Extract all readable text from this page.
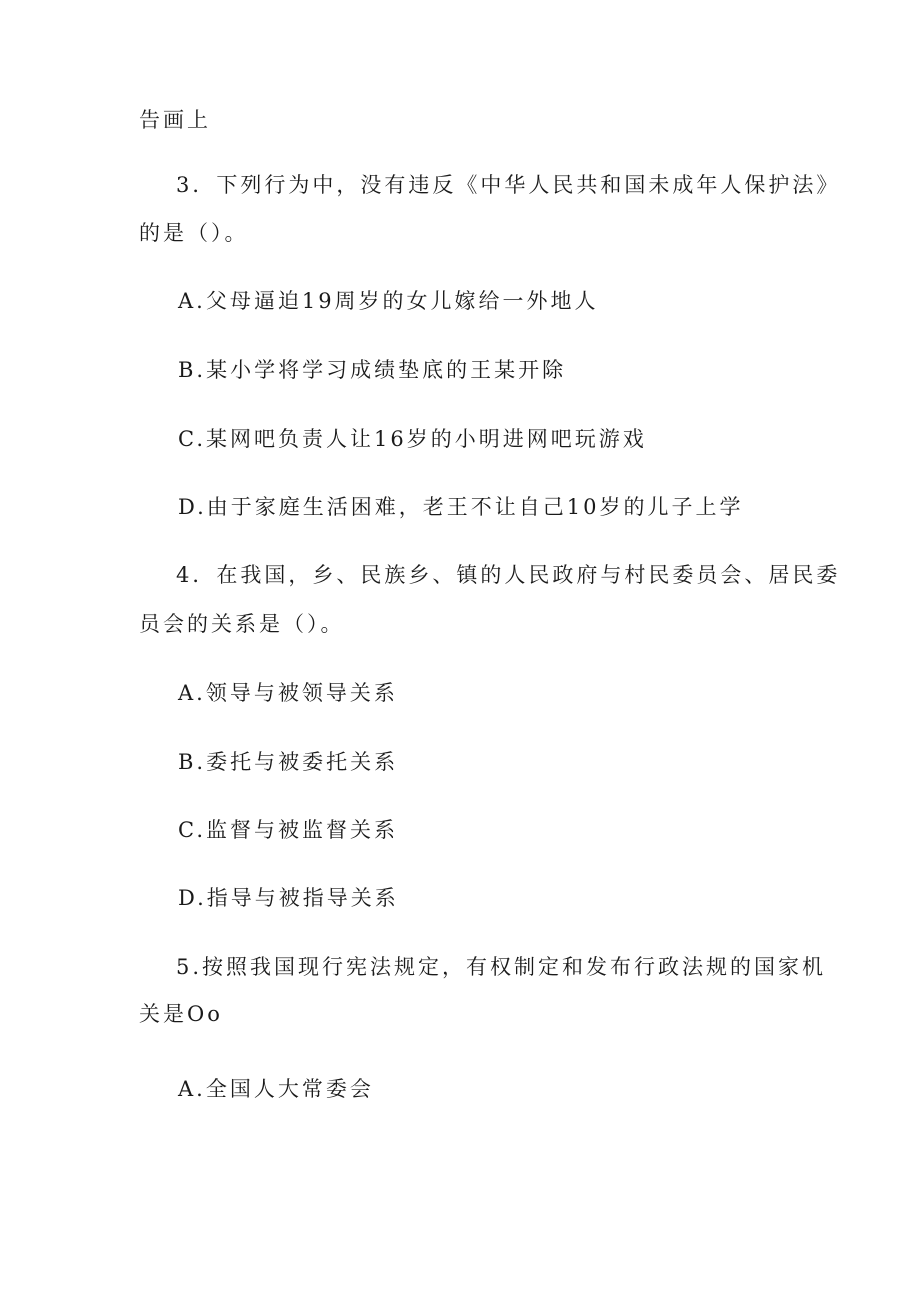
告画上
3．下列行为中，没有违反《中华人民共和国未成年人保护法》
的是（）。
A.父母逼迫19周岁的女儿嫁给一外地人
B.某小学将学习成绩垫底的王某开除
C.某网吧负责人让16岁的小明进网吧玩游戏
D.由于家庭生活困难，老王不让自己10岁的儿子上学
4．在我国，乡、民族乡、镇的人民政府与村民委员会、居民委
员会的关系是（）。
A.领导与被领导关系
B.委托与被委托关系
C.监督与被监督关系
D.指导与被指导关系
5.按照我国现行宪法规定，有权制定和发布行政法规的国家机
关是Oo
A.全国人大常委会
